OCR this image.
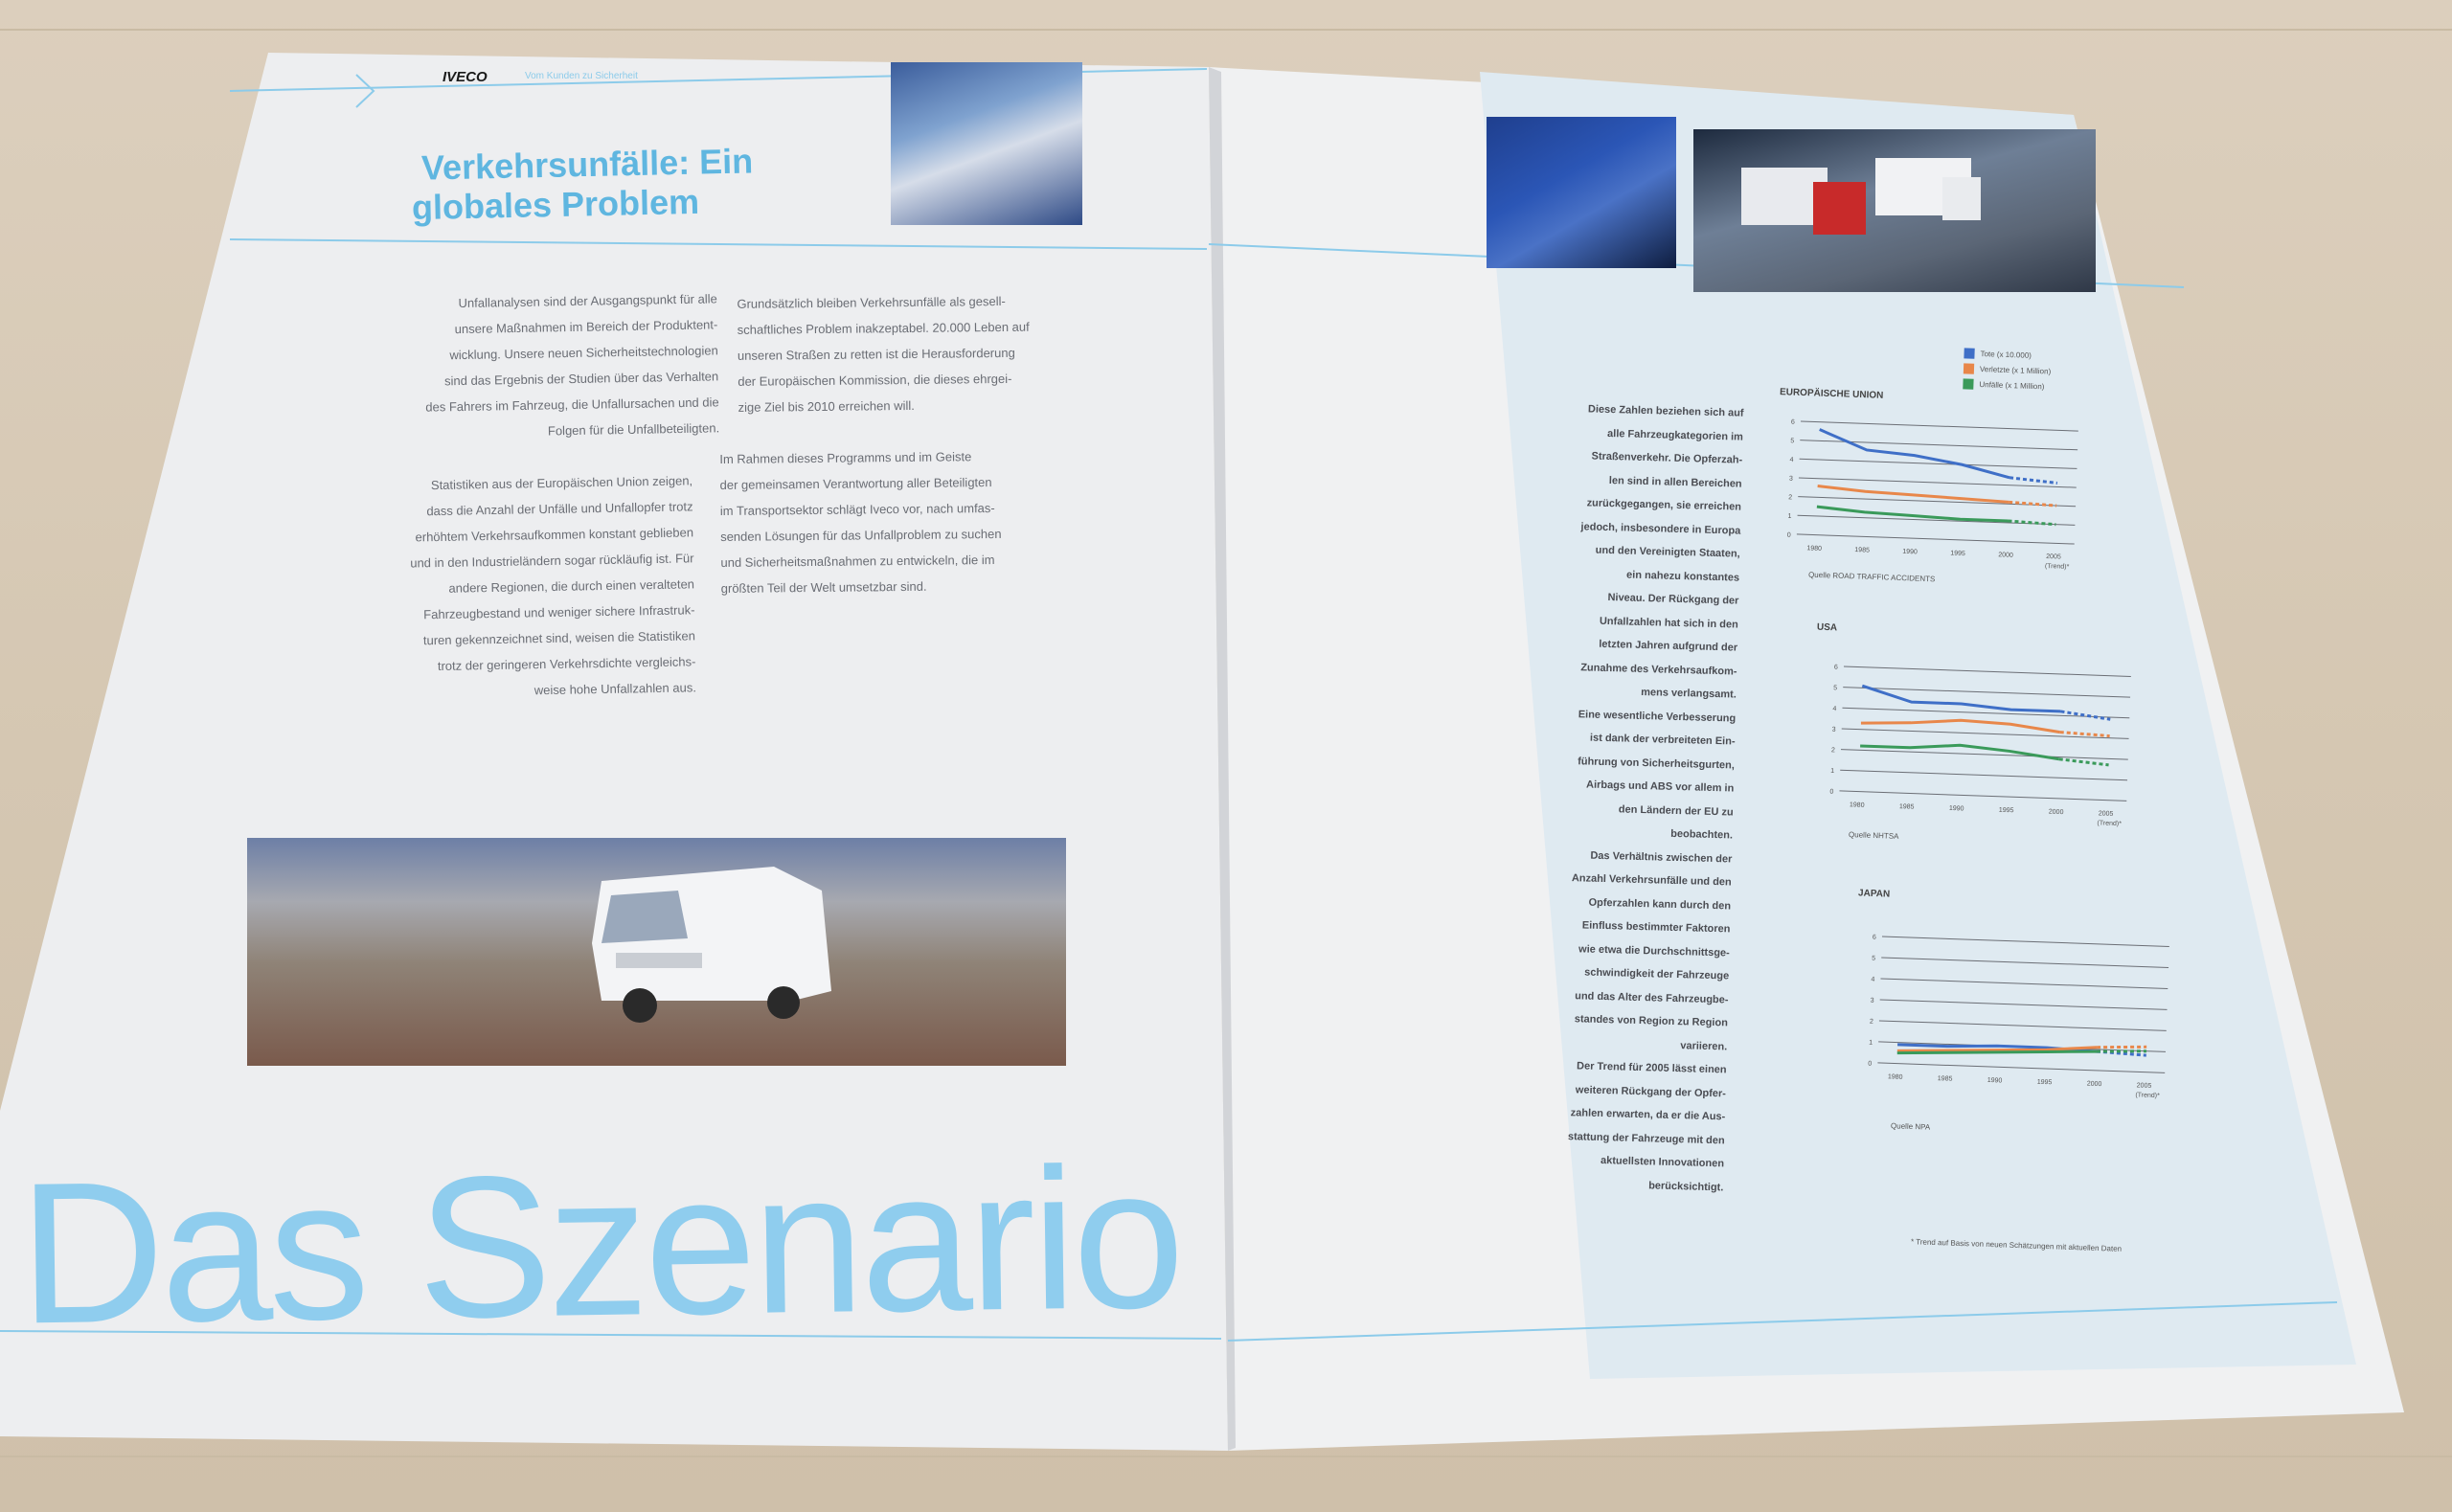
IVECO	Vom Kunden zu Sicherheit
Verkehrsunfälle: Ein
globales Problem
Unfallanalysen sind der Ausgangspunkt für alle
unsere Maßnahmen im Bereich der Produktent-
wicklung. Unsere neuen Sicherheitstechnologien
sind das Ergebnis der Studien über das Verhalten
des Fahrers im Fahrzeug, die Unfallursachen und die
Folgen für die Unfallbeteiligten.
Statistiken aus der Europäischen Union zeigen,
dass die Anzahl der Unfälle und Unfallopfer trotz
erhöhtem Verkehrsaufkommen konstant geblieben
und in den Industrieländern sogar rückläufig ist. Für
andere Regionen, die durch einen veralteten
Fahrzeugbestand und weniger sichere Infrastruk-
turen gekennzeichnet sind, weisen die Statistiken
trotz der geringeren Verkehrsdichte vergleichs-
weise hohe Unfallzahlen aus.
Grundsätzlich bleiben Verkehrsunfälle als gesell-
schaftliches Problem inakzeptabel. 20.000 Leben auf
unseren Straßen zu retten ist die Herausforderung
der Europäischen Kommission, die dieses ehrgei-
zige Ziel bis 2010 erreichen will.
Im Rahmen dieses Programms und im Geiste
der gemeinsamen Verantwortung aller Beteiligten
im Transportsektor schlägt Iveco vor, nach umfas-
senden Lösungen für das Unfallproblem zu suchen
und Sicherheitsmaßnahmen zu entwickeln, die im
größten Teil der Welt umsetzbar sind.
Das Szenario
Diese Zahlen beziehen sich auf
alle Fahrzeugkategorien im
Straßenverkehr. Die Opferzah-
len sind in allen Bereichen
zurückgegangen, sie erreichen
jedoch, insbesondere in Europa
und den Vereinigten Staaten,
ein nahezu konstantes
Niveau. Der Rückgang der
Unfallzahlen hat sich in den
letzten Jahren aufgrund der
Zunahme des Verkehrsaufkom-
mens verlangsamt.
Eine wesentliche Verbesserung
ist dank der verbreiteten Ein-
führung von Sicherheitsgurten,
Airbags und ABS vor allem in
den Ländern der EU zu
beobachten.
Das Verhältnis zwischen der
Anzahl Verkehrsunfälle und den
Opferzahlen kann durch den
Einfluss bestimmter Faktoren
wie etwa die Durchschnittsge-
schwindigkeit der Fahrzeuge
und das Alter des Fahrzeugbe-
standes von Region zu Region
variieren.
Der Trend für 2005 lässt einen
weiteren Rückgang der Opfer-
zahlen erwarten, da er die Aus-
stattung der Fahrzeuge mit den
aktuellsten Innovationen
berücksichtigt.
Tote (x 10.000)
Verletzte (x 1 Million)
Unfälle (x 1 Million)
0
1
2
3
4
5
6
1980	1985	1990	1995	2000	2005
(Trend)*
0
1
2
3
4
5
6
1980	1985	1990	1995	2000	2005
(Trend)*
0
1
2
3
4
5
6
1980	1985	1990	1995	2000	2005
(Trend)*
EUROPÄISCHE UNION
USA
JAPAN
Quelle ROAD TRAFFIC ACCIDENTS
Quelle NHTSA
Quelle NPA
* Trend auf Basis von neuen Schätzungen mit aktuellen Daten
